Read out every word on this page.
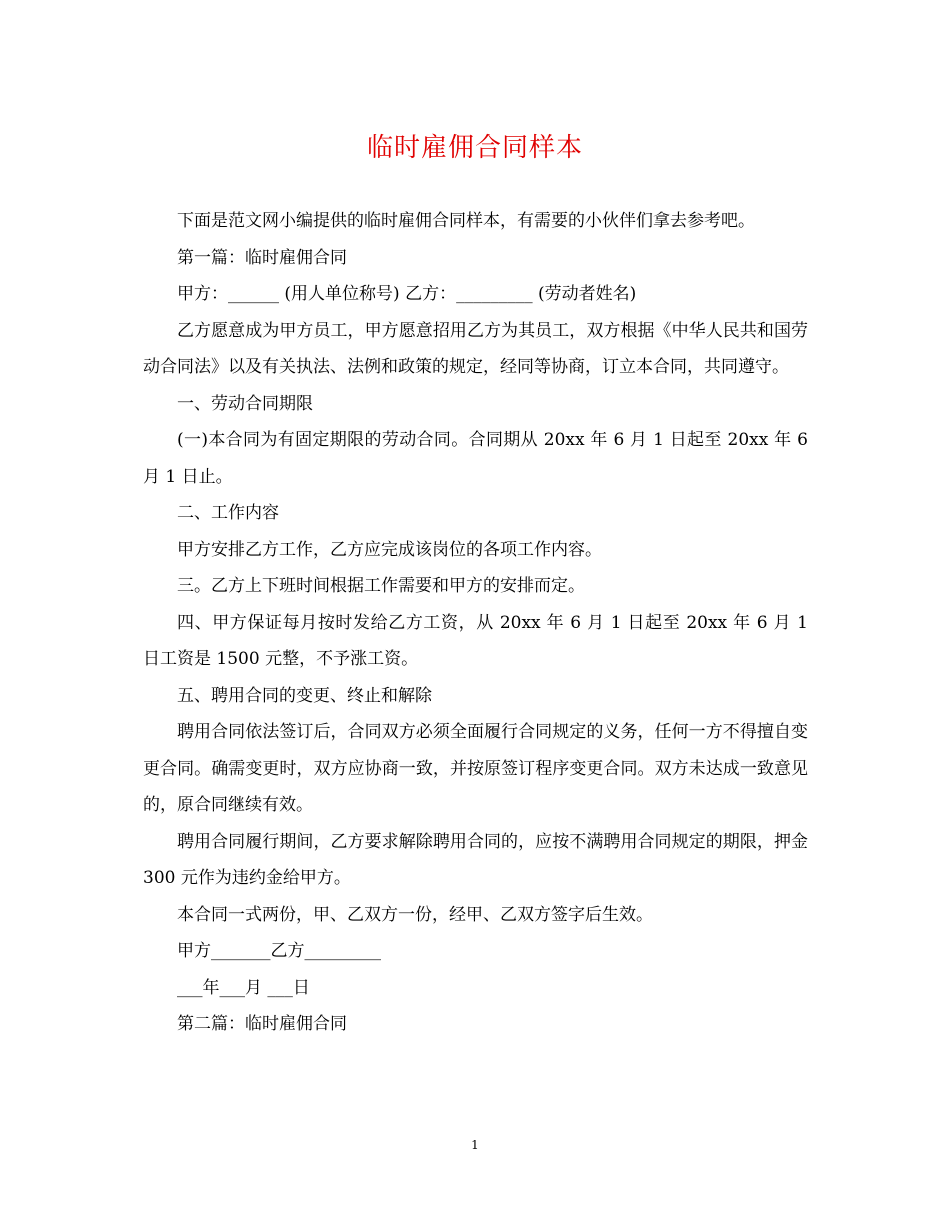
临时雇佣合同样本

下面是范文网小编提供的临时雇佣合同样本，有需要的小伙伴们拿去参考吧。

第一篇：临时雇佣合同

甲方：______ (用人单位称号) 乙方：_________ (劳动者姓名)

乙方愿意成为甲方员工，甲方愿意招用乙方为其员工，双方根据《中华人民共和国劳动合同法》以及有关执法、法例和政策的规定，经同等协商，订立本合同，共同遵守。

一、劳动合同期限

(一)本合同为有固定期限的劳动合同。合同期从 20xx 年 6 月 1 日起至 20xx 年 6 月 1 日止。

二、工作内容

甲方安排乙方工作，乙方应完成该岗位的各项工作内容。

三。乙方上下班时间根据工作需要和甲方的安排而定。

四、甲方保证每月按时发给乙方工资，从 20xx 年 6 月 1 日起至 20xx 年 6 月 1 日工资是 1500 元整，不予涨工资。

五、聘用合同的变更、终止和解除

聘用合同依法签订后，合同双方必须全面履行合同规定的义务，任何一方不得擅自变更合同。确需变更时，双方应协商一致，并按原签订程序变更合同。双方未达成一致意见的，原合同继续有效。

聘用合同履行期间，乙方要求解除聘用合同的，应按不满聘用合同规定的期限，押金 300 元作为违约金给甲方。

本合同一式两份，甲、乙双方一份，经甲、乙双方签字后生效。

甲方_______乙方_________

___年___月 ___日

第二篇：临时雇佣合同

1
